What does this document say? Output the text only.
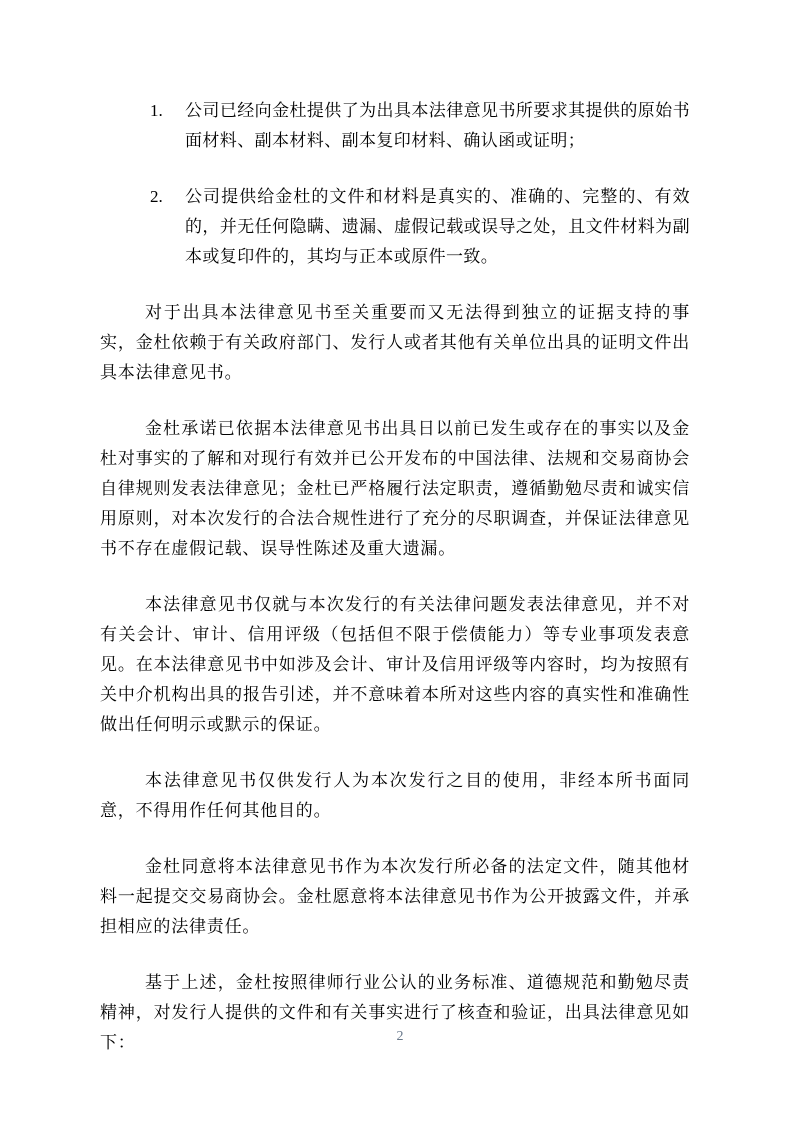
1. 公司已经向金杜提供了为出具本法律意见书所要求其提供的原始书面材料、副本材料、副本复印材料、确认函或证明；
2. 公司提供给金杜的文件和材料是真实的、准确的、完整的、有效的，并无任何隐瞒、遗漏、虚假记载或误导之处，且文件材料为副本或复印件的，其均与正本或原件一致。

对于出具本法律意见书至关重要而又无法得到独立的证据支持的事实，金杜依赖于有关政府部门、发行人或者其他有关单位出具的证明文件出具本法律意见书。

金杜承诺已依据本法律意见书出具日以前已发生或存在的事实以及金杜对事实的了解和对现行有效并已公开发布的中国法律、法规和交易商协会自律规则发表法律意见；金杜已严格履行法定职责，遵循勤勉尽责和诚实信用原则，对本次发行的合法合规性进行了充分的尽职调查，并保证法律意见书不存在虚假记载、误导性陈述及重大遗漏。

本法律意见书仅就与本次发行的有关法律问题发表法律意见，并不对有关会计、审计、信用评级（包括但不限于偿债能力）等专业事项发表意见。在本法律意见书中如涉及会计、审计及信用评级等内容时，均为按照有关中介机构出具的报告引述，并不意味着本所对这些内容的真实性和准确性做出任何明示或默示的保证。

本法律意见书仅供发行人为本次发行之目的使用，非经本所书面同意，不得用作任何其他目的。

金杜同意将本法律意见书作为本次发行所必备的法定文件，随其他材料一起提交交易商协会。金杜愿意将本法律意见书作为公开披露文件，并承担相应的法律责任。

基于上述，金杜按照律师行业公认的业务标准、道德规范和勤勉尽责精神，对发行人提供的文件和有关事实进行了核查和验证，出具法律意见如下：	2
